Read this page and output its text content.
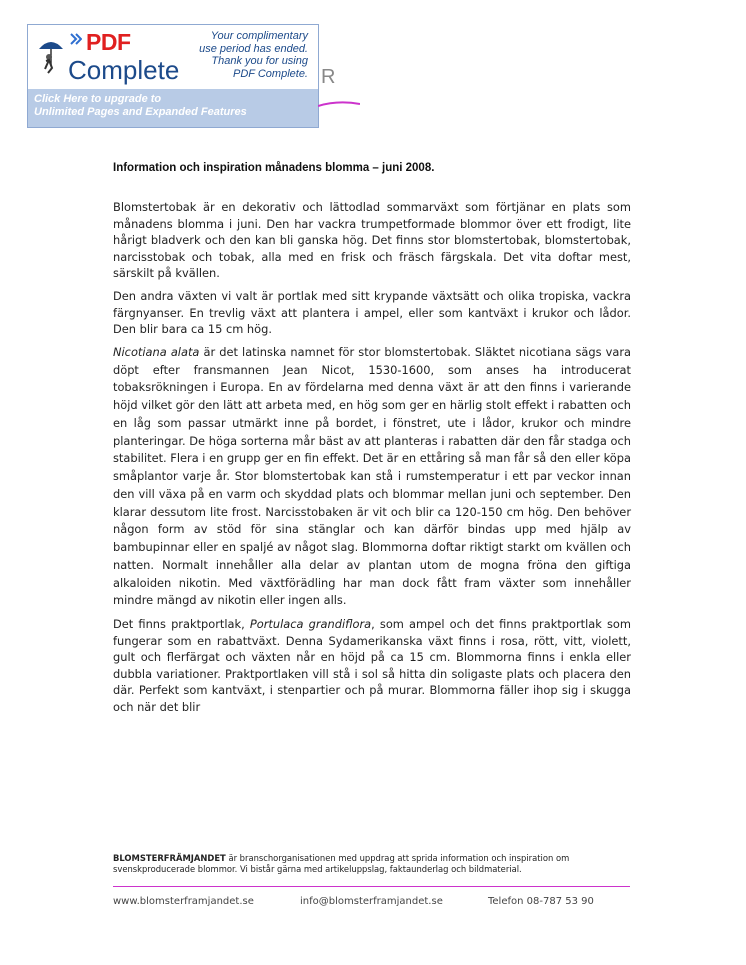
PDF
Complete
Your complimentary
use period has ended.
Thank you for using
PDF Complete.
Click Here to upgrade to
Unlimited Pages and Expanded Features
R
Information och inspiration månadens blomma – juni 2008.

Blomstertobak är en dekorativ och lättodlad sommarväxt som förtjänar en plats som månadens blomma i juni. Den har vackra trumpetformade blommor över ett frodigt, lite hårigt bladverk och den kan bli ganska hög. Det finns stor blomstertobak, blomstertobak, narcisstobak och tobak, alla med en frisk och fräsch färgskala. Det vita doftar mest, särskilt på kvällen.

Den andra växten vi valt är portlak med sitt krypande växtsätt och olika tropiska, vackra färgnyanser. En trevlig växt att plantera i ampel, eller som kantväxt i krukor och lådor. Den blir bara ca 15 cm hög.

Nicotiana alata är det latinska namnet för stor blomstertobak. Släktet nicotiana sägs vara döpt efter fransmannen Jean Nicot, 1530-1600, som anses ha introducerat tobaksrökningen i Europa. En av fördelarna med denna växt är att den finns i varierande höjd vilket gör den lätt att arbeta med, en hög som ger en härlig stolt effekt i rabatten och en låg som passar utmärkt inne på bordet, i fönstret, ute i lådor, krukor och mindre planteringar. De höga sorterna mår bäst av att planteras i rabatten där den får stadga och stabilitet. Flera i en grupp ger en fin effekt. Det är en ettåring så man får så den eller köpa småplantor varje år. Stor blomstertobak kan stå i rumstemperatur i ett par veckor innan den vill växa på en varm och skyddad plats och blommar mellan juni och september. Den klarar dessutom lite frost. Narcisstobaken är vit och blir ca 120-150 cm hög. Den behöver någon form av stöd för sina stänglar och kan därför bindas upp med hjälp av bambupinnar eller en spaljé av något slag. Blommorna doftar riktigt starkt om kvällen och natten. Normalt innehåller alla delar av plantan utom de mogna fröna den giftiga alkaloiden nikotin. Med växtförädling har man dock fått fram växter som innehåller mindre mängd av nikotin eller ingen alls.

Det finns praktportlak, Portulaca grandiflora, som ampel och det finns praktportlak som fungerar som en rabattväxt. Denna Sydamerikanska växt finns i rosa, rött, vitt, violett, gult och flerfärgat och växten når en höjd på ca 15 cm. Blommorna finns i enkla eller dubbla variationer. Praktportlaken vill stå i sol så hitta din soligaste plats och placera den där. Perfekt som kantväxt, i stenpartier och på murar. Blommorna fäller ihop sig i skugga och när det blir

BLOMSTERFRÄMJANDET är branschorganisationen med uppdrag att sprida information och inspiration om svenskproducerade blommor. Vi bistår gärna med artikeluppslag, faktaunderlag och bildmaterial.
www.blomsterframjandet.se	info@blomsterframjandet.se	Telefon 08-787 53 90
